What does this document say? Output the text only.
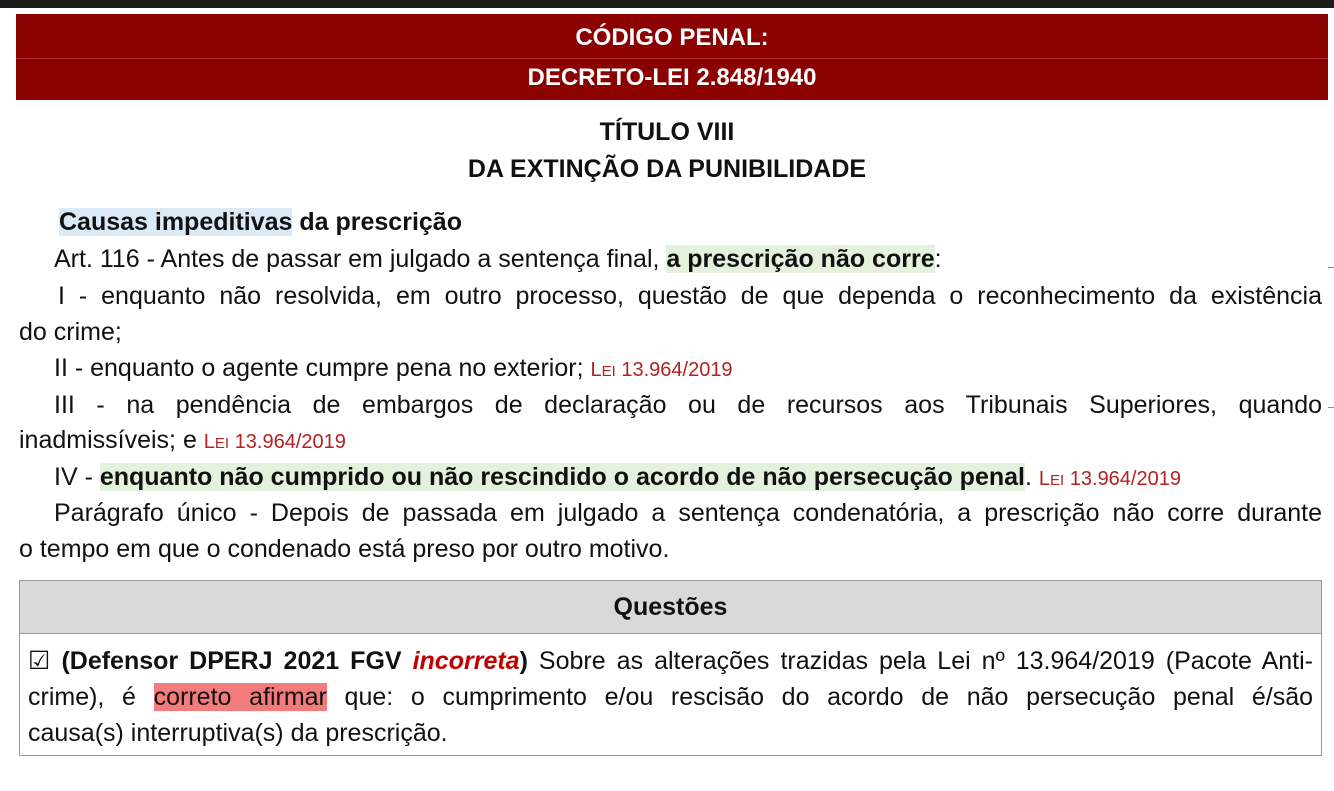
CÓDIGO PENAL:
DECRETO-LEI 2.848/1940
TÍTULO VIII
DA EXTINÇÃO DA PUNIBILIDADE
Causas impeditivas da prescrição
Art. 116 - Antes de passar em julgado a sentença final, a prescrição não corre:
I - enquanto não resolvida, em outro processo, questão de que dependa o reconhecimento da existência
do crime;
II - enquanto o agente cumpre pena no exterior; LEI 13.964/2019
III - na pendência de embargos de declaração ou de recursos aos Tribunais Superiores, quando
inadmissíveis; e LEI 13.964/2019
IV - enquanto não cumprido ou não rescindido o acordo de não persecução penal. LEI 13.964/2019
Parágrafo único - Depois de passada em julgado a sentença condenatória, a prescrição não corre durante
o tempo em que o condenado está preso por outro motivo.
Questões
☑ (Defensor DPERJ 2021 FGV incorreta) Sobre as alterações trazidas pela Lei nº 13.964/2019 (Pacote Anti-
crime), é correto afirmar que: o cumprimento e/ou rescisão do acordo de não persecução penal é/são
causa(s) interruptiva(s) da prescrição.
